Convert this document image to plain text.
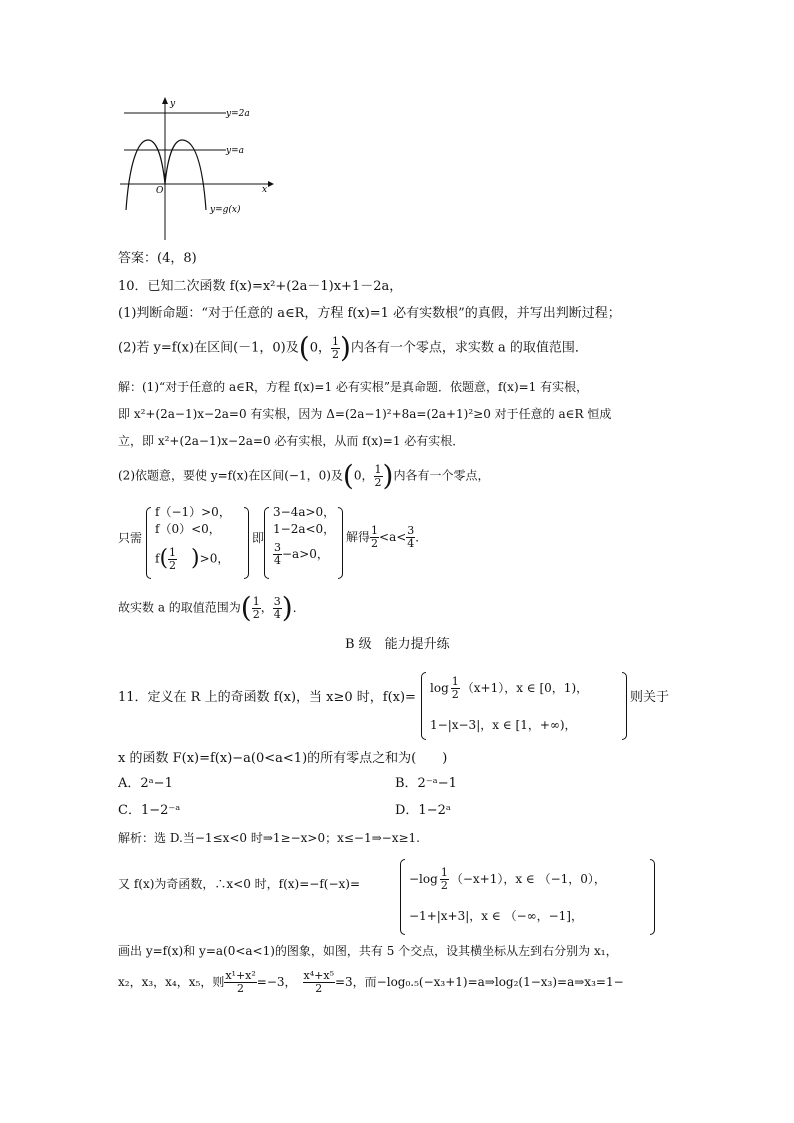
y
x
O
y=2a
y=a
y=g(x)
答案：(4，8)
10．已知二次函数 f(x)=x²+(2a－1)x+1－2a，
(1)判断命题：“对于任意的 a∈R，方程 f(x)=1 必有实数根”的真假，并写出判断过程；
(2)若 y=f(x)在区间(－1，0)及(0， $\frac{1}{2}$ )内各有一个零点，求实数 a 的取值范围．
解：(1)“对于任意的 a∈R，方程 f(x)=1 必有实根”是真命题．依题意，f(x)=1 有实根，
即 x²+(2a−1)x−2a=0 有实根，因为 Δ=(2a−1)²+8a=(2a+1)²≥0 对于任意的 a∈R 恒成
立，即 x²+(2a−1)x−2a=0 必有实根，从而 f(x)=1 必有实根．
(2)依题意，要使 y=f(x)在区间(−1，0)及(0， $\frac{1}{2}$ )内各有一个零点，
只需
f（−1）>0，
f（0）<0，
$f( \frac{1}{2} )>0$，
即
3−4a>0，
1−2a<0，
$\frac{3}{4} -a>0$，
解得 $\frac{1}{2} <a< \frac{3}{4}$ ．
故实数 a 的取值范围为( $\frac{1}{2}$ ， $\frac{3}{4}$ )．
B 级　能力提升练
11．定义在 R 上的奇函数 f(x)，当 x≥0 时，f(x)=
$\log \frac{1}{2} (x+1)$，x ∈ [0，1)，
1−|x−3|，x ∈ [1，+∞)，
则关于
x 的函数 F(x)=f(x)−a(0<a<1)的所有零点之和为(　　)
A．2ᵃ−1	B．2⁻ᵃ−1
C．1−2⁻ᵃ	D．1−2ᵃ
解析：选 D.当−1≤x<0 时⇒1≥−x>0；x≤−1⇒−x≥1.
又 f(x)为奇函数，∴x<0 时，f(x)=−f(−x)=	$-\log \frac{1}{2} (-x+1)$，x ∈ （−1，0），
−1+|x+3|，x ∈ （−∞，−1]，
画出 y=f(x)和 y=a(0<a<1)的图象，如图，共有 5 个交点，设其横坐标从左到右分别为 x₁，
x₂，x₃，x₄，x₅，则 $\frac{\text{x¹+x²}}{2} =-3$， $\frac{\text{x⁴+x⁵}}{2} =3$，而−log₀.₅(−x₃+1)=a⇒log₂(1−x₃)=a⇒x₃=1−
